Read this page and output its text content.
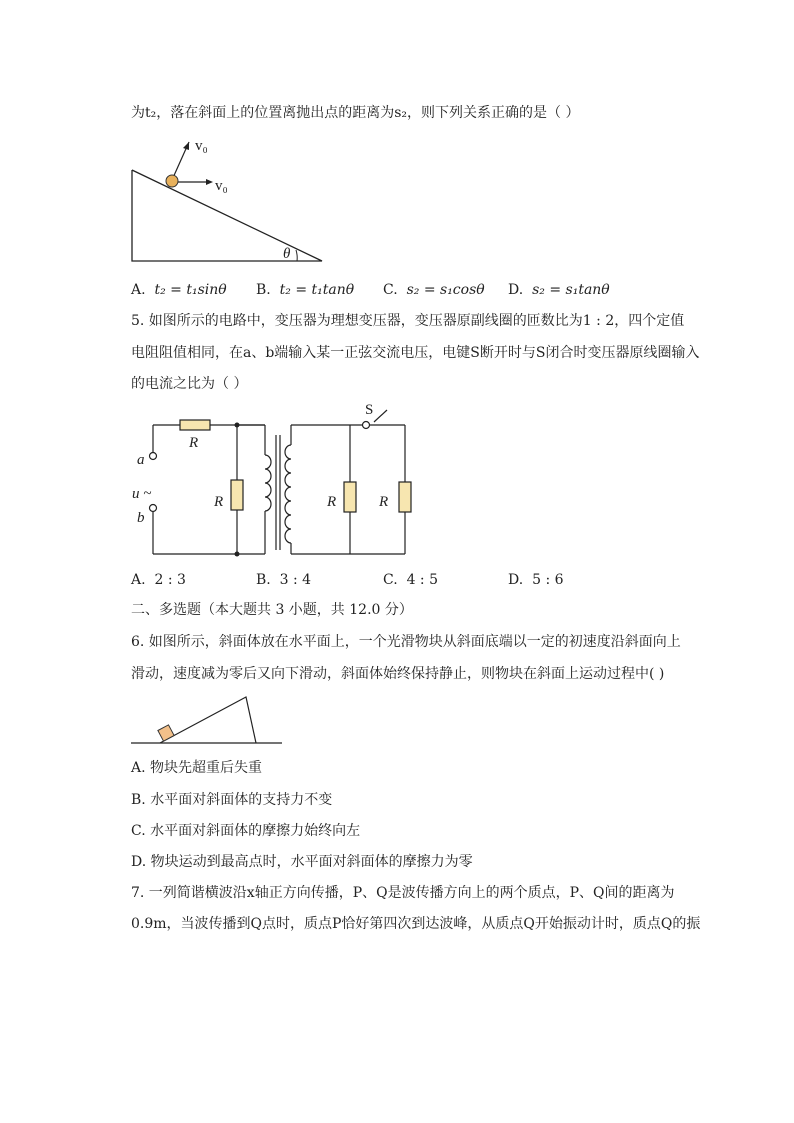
为t₂，落在斜面上的位置离抛出点的距离为s₂，则下列关系正确的是（ ）
v₀
v₀
θ
A. t₂ = t₁sinθ B. t₂ = t₁tanθ C. s₂ = s₁cosθ D. s₂ = s₁tanθ
5. 如图所示的电路中，变压器为理想变压器，变压器原副线圈的匝数比为1 : 2，四个定值
电阻阻值相同，在a、b端输入某一正弦交流电压，电键S断开时与S闭合时变压器原线圈输入
的电流之比为（ ）
R
R	R	R
a
u ~
b
S
A. 2 : 3	B. 3 : 4	C. 4 : 5	D. 5 : 6
二、多选题（本大题共 3 小题，共 12.0 分）
6. 如图所示，斜面体放在水平面上，一个光滑物块从斜面底端以一定的初速度沿斜面向上
滑动，速度减为零后又向下滑动，斜面体始终保持静止，则物块在斜面上运动过程中( )
A. 物块先超重后失重
B. 水平面对斜面体的支持力不变
C. 水平面对斜面体的摩擦力始终向左
D. 物块运动到最高点时，水平面对斜面体的摩擦力为零
7. 一列简谐横波沿x轴正方向传播，P、Q是波传播方向上的两个质点，P、Q间的距离为
0.9m，当波传播到Q点时，质点P恰好第四次到达波峰，从质点Q开始振动计时，质点Q的振
